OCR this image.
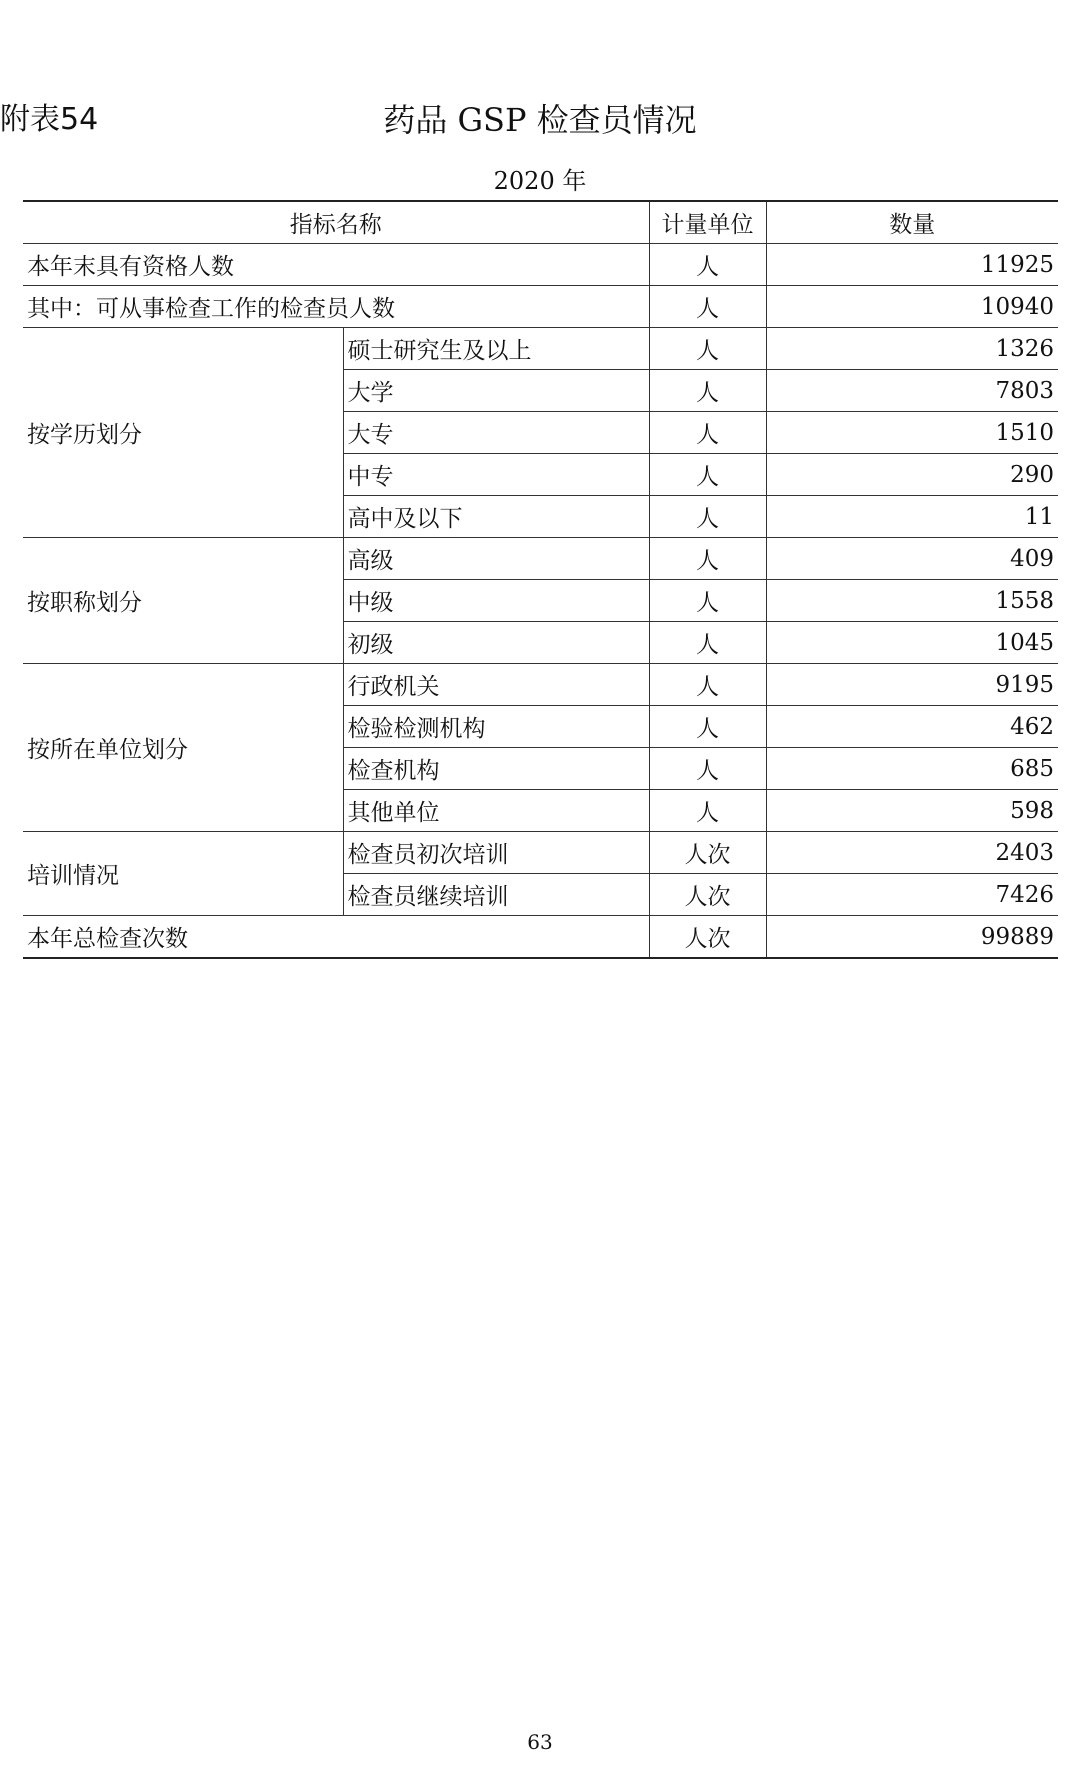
附表54	药品 GSP 检查员情况
2020 年
指标名称		计量单位	数量
本年末具有资格人数		人	11925
其中：可从事检查工作的检查员人数		人	10940
按学历划分	硕士研究生及以上	人	1326
	大学	人	7803
	大专	人	1510
	中专	人	290
	高中及以下	人	11
按职称划分	高级	人	409
	中级	人	1558
	初级	人	1045
按所在单位划分	行政机关	人	9195
	检验检测机构	人	462
	检查机构	人	685
	其他单位	人	598
培训情况	检查员初次培训	人次	2403
	检查员继续培训	人次	7426
本年总检查次数		人次	99889
63
